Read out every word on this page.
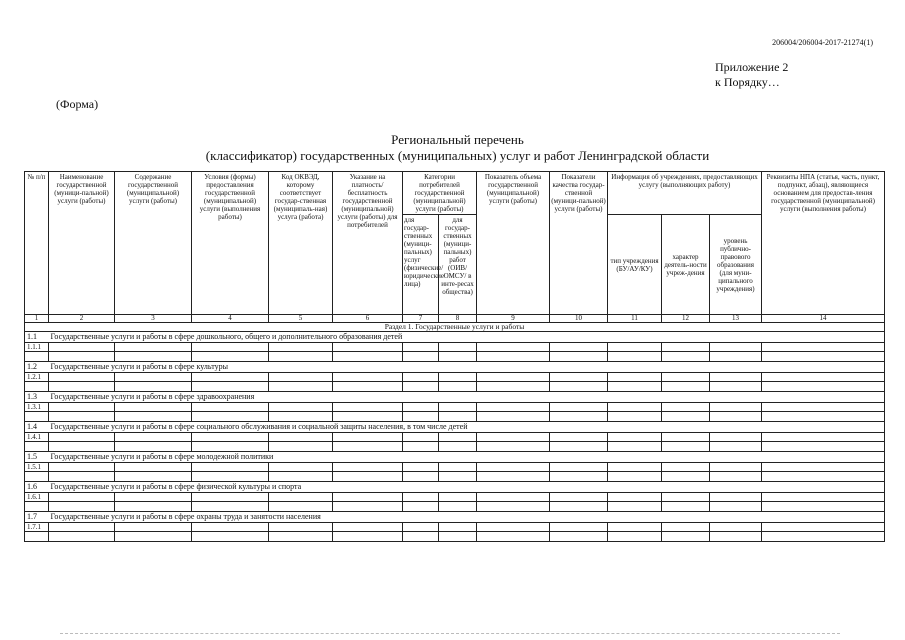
206004/206004-2017-21274(1)
Приложение 2
к Порядку…
(Форма)
Региональный перечень
(классификатор) государственных (муниципальных) услуг и работ Ленинградской области
№ п/п	Наименование государственной (муници-пальной) услуги (работы)	Содержание государственной (муниципальной) услуги (работы)	Условия (формы) предоставления государственной (муниципальной) услуги (выполнения работы)	Код ОКВЭД, которому соответствует государ-ственная (муниципаль-ная) услуга (работа)	Указание на платность/ бесплатность государственной (муниципальной) услуги (работы) для потребителей	Категории потребителей государственной (муниципальной) услуги (работы)		Показатель объема государственной (муниципальной) услуги (работы)	Показатели качества государ-ственной (муници-пальной) услуги (работы)	Информация об учреждениях, предоставляющих услугу (выполняющих работу)			Реквизиты НПА (статья, часть, пункт, подпункт, абзац), являющиеся основанием для предостав-ления государственной (муниципальной) услуги (выполнения работы)
						для государ-ственных (муници-пальных) услуг (физические/ юридические лица)	для государ-ственных (муници-пальных) работ (ОИВ/ ОМСУ/ в инте-ресах общества)			тип учреждения (БУ/АУ/КУ)	характер деятель-ности учреж-дения	уровень публично-правового образования (для муни-ципального учреждения)	
1	2	3	4	5	6	7	8	9	10	11	12	13	14
Раздел 1. Государственные услуги и работы													
1.1	Государственные услуги и работы в сфере дошкольного, общего и дополнительного образования детей												
1.1.1													

1.2	Государственные услуги и работы в сфере культуры												
1.2.1													

1.3	Государственные услуги и работы в сфере здравоохранения												
1.3.1													

1.4	Государственные услуги и работы в сфере социального обслуживания и социальной защиты населения, в том числе детей												
1.4.1													

1.5	Государственные услуги и работы в сфере молодежной политики												
1.5.1													

1.6	Государственные услуги и работы в сфере физической культуры и спорта												
1.6.1													

1.7	Государственные услуги и работы в сфере охраны труда и занятости населения												
1.7.1													
